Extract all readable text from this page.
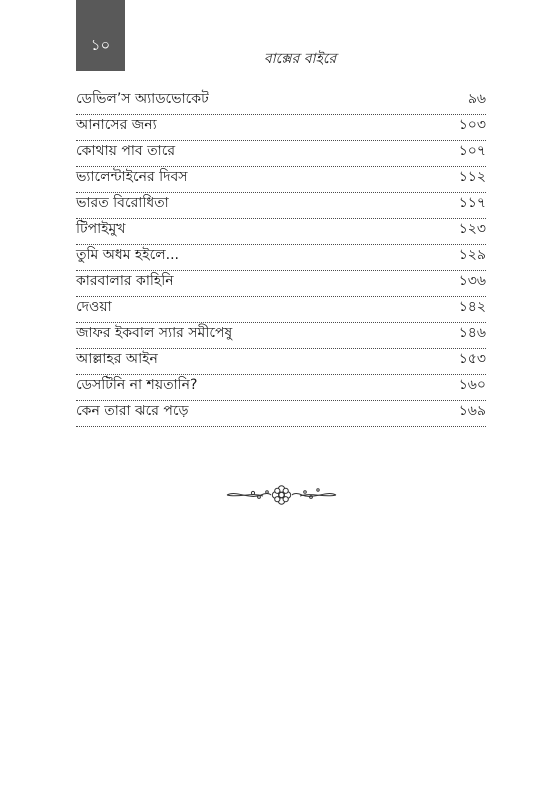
১০
বাক্সের বাইরে
ডেভিল’স অ্যাডভোকেট	৯৬
আনাসের জন্য	১০৩
কোথায় পাব তারে	১০৭
ভ্যালেন্টাইনের দিবস	১১২
ভারত বিরোধিতা	১১৭
টিপাইমুখ	১২৩
তুমি অধম হইলে...	১২৯
কারবালার কাহিনি	১৩৬
দেওয়া	১৪২
জাফর ইকবাল স্যার সমীপেষু	১৪৬
আল্লাহর আইন	১৫৩
ডেসটিনি না শয়তানি?	১৬০
কেন তারা ঝরে পড়ে	১৬৯
